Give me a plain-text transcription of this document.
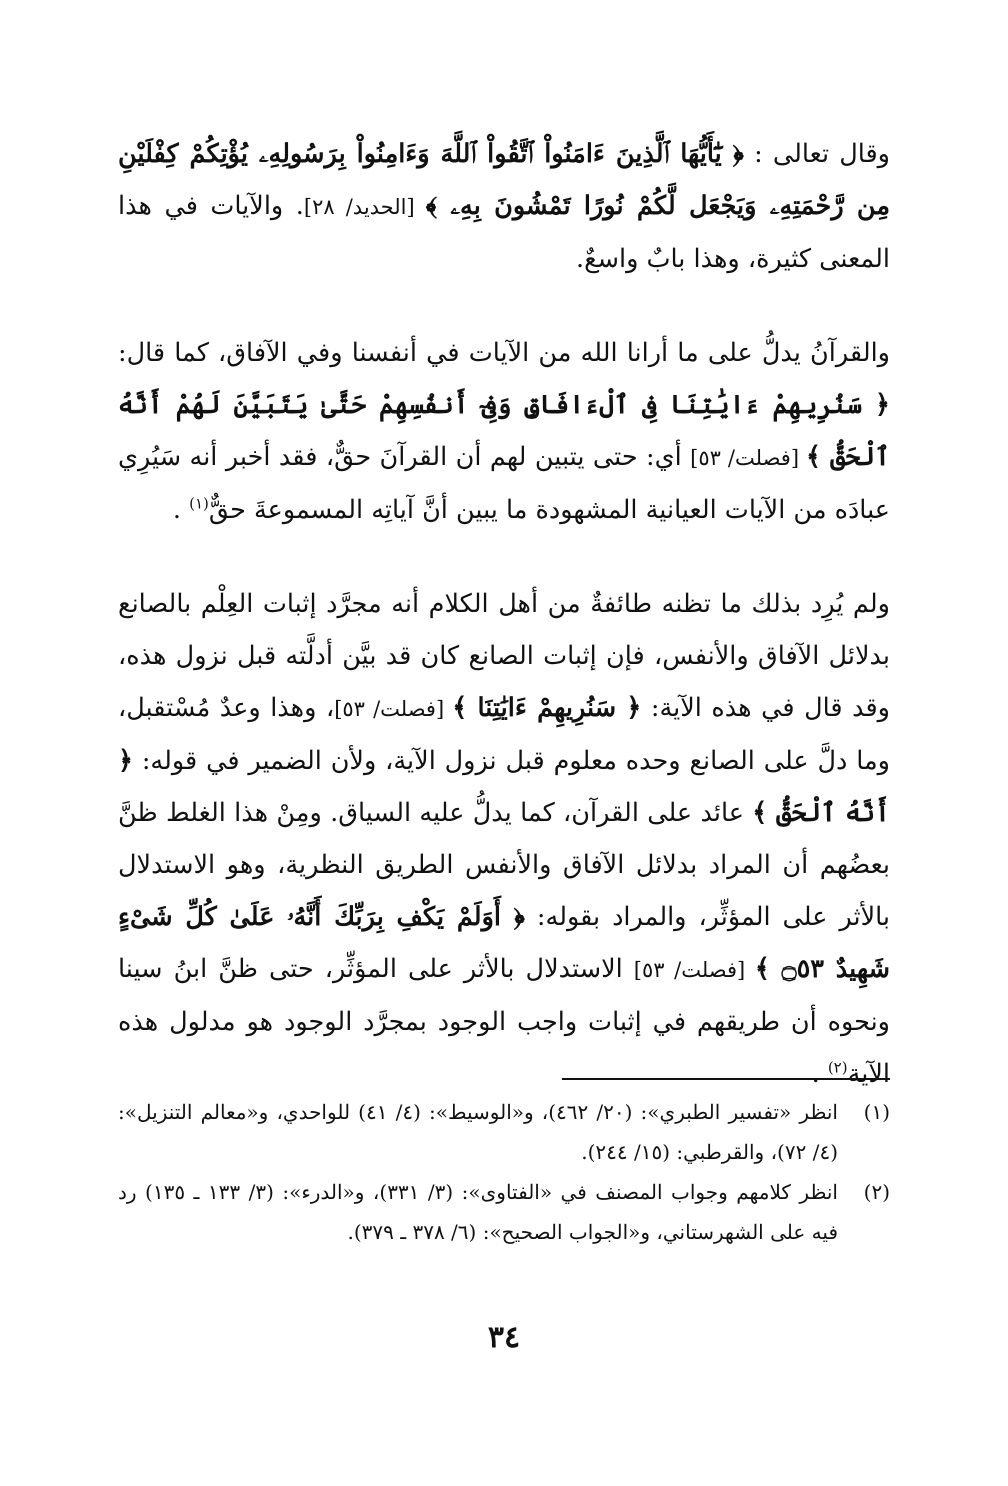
وقال تعالى : ﴿ يَٰٓأَيُّهَا ٱلَّذِينَ ءَامَنُواْ ٱتَّقُواْ ٱللَّهَ وَءَامِنُواْ بِرَسُولِهِۦ يُؤْتِكُمْ كِفْلَيْنِ مِن رَّحْمَتِهِۦ وَيَجْعَل لَّكُمْ نُورًا تَمْشُونَ بِهِۦ ﴾ [الحديد/ ٢٨]. والآيات في هذا المعنى كثيرة، وهذا بابٌ واسعٌ.

والقرآنُ يدلُّ على ما أرانا الله من الآيات في أنفسنا وفي الآفاق، كما قال: ﴿ سَنُرِيهِمْ ءَايَٰتِنَا فِى ٱلْءَافَاقِ وَفِىٓ أَنفُسِهِمْ حَتَّىٰ يَتَبَيَّنَ لَهُمْ أَنَّهُ ٱلْحَقُّ ﴾ [فصلت/ ٥٣] أي: حتى يتبين لهم أن القرآنَ حقٌّ، فقد أخبر أنه سَيُرِي عبادَه من الآيات العيانية المشهودة ما يبين أنَّ آياتِه المسموعةَ حقٌّ$^{(١)}$ .

ولم يُرِد بذلك ما تظنه طائفةٌ من أهل الكلام أنه مجرَّد إثبات العِلْم بالصانع بدلائل الآفاق والأنفس، فإن إثبات الصانع كان قد بيَّن أدلَّته قبل نزول هذه، وقد قال في هذه الآية: ﴿ سَنُرِيهِمْ ءَايَٰتِنَا ﴾ [فصلت/ ٥٣]، وهذا وعدٌ مُسْتقبل، وما دلَّ على الصانع وحده معلوم قبل نزول الآية، ولأن الضمير في قوله: ﴿ أَنَّهُ ٱلْحَقُّ ﴾ عائد على القرآن، كما يدلُّ عليه السياق. ومِنْ هذا الغلط ظنَّ بعضُهم أن المراد بدلائل الآفاق والأنفس الطريق النظرية، وهو الاستدلال بالأثر على المؤثِّر، والمراد بقوله: ﴿ أَوَلَمْ يَكْفِ بِرَبِّكَ أَنَّهُۥ عَلَىٰ كُلِّ شَىْءٍ شَهِيدٌ ۝٥٣ ﴾ [فصلت/ ٥٣] الاستدلال بالأثر على المؤثِّر، حتى ظنَّ ابنُ سينا ونحوه أن طريقهم في إثبات واجب الوجود بمجرَّد الوجود هو مدلول هذه الآية$^{(٢)}$ .

(١)
انظر «تفسير الطبري»: (٢٠/ ٤٦٢)، و«الوسيط»: (٤/ ٤١) للواحدي، و«معالم التنزيل»: (٤/ ٧٢)، والقرطبي: (١٥/ ٢٤٤).
(٢)
انظر كلامهم وجواب المصنف في «الفتاوى»: (٣/ ٣٣١)، و«الدرء»: (٣/ ١٣٣ ـ ١٣٥) رد فيه على الشهرستاني، و«الجواب الصحيح»: (٦/ ٣٧٨ ـ ٣٧٩).
٣٤
